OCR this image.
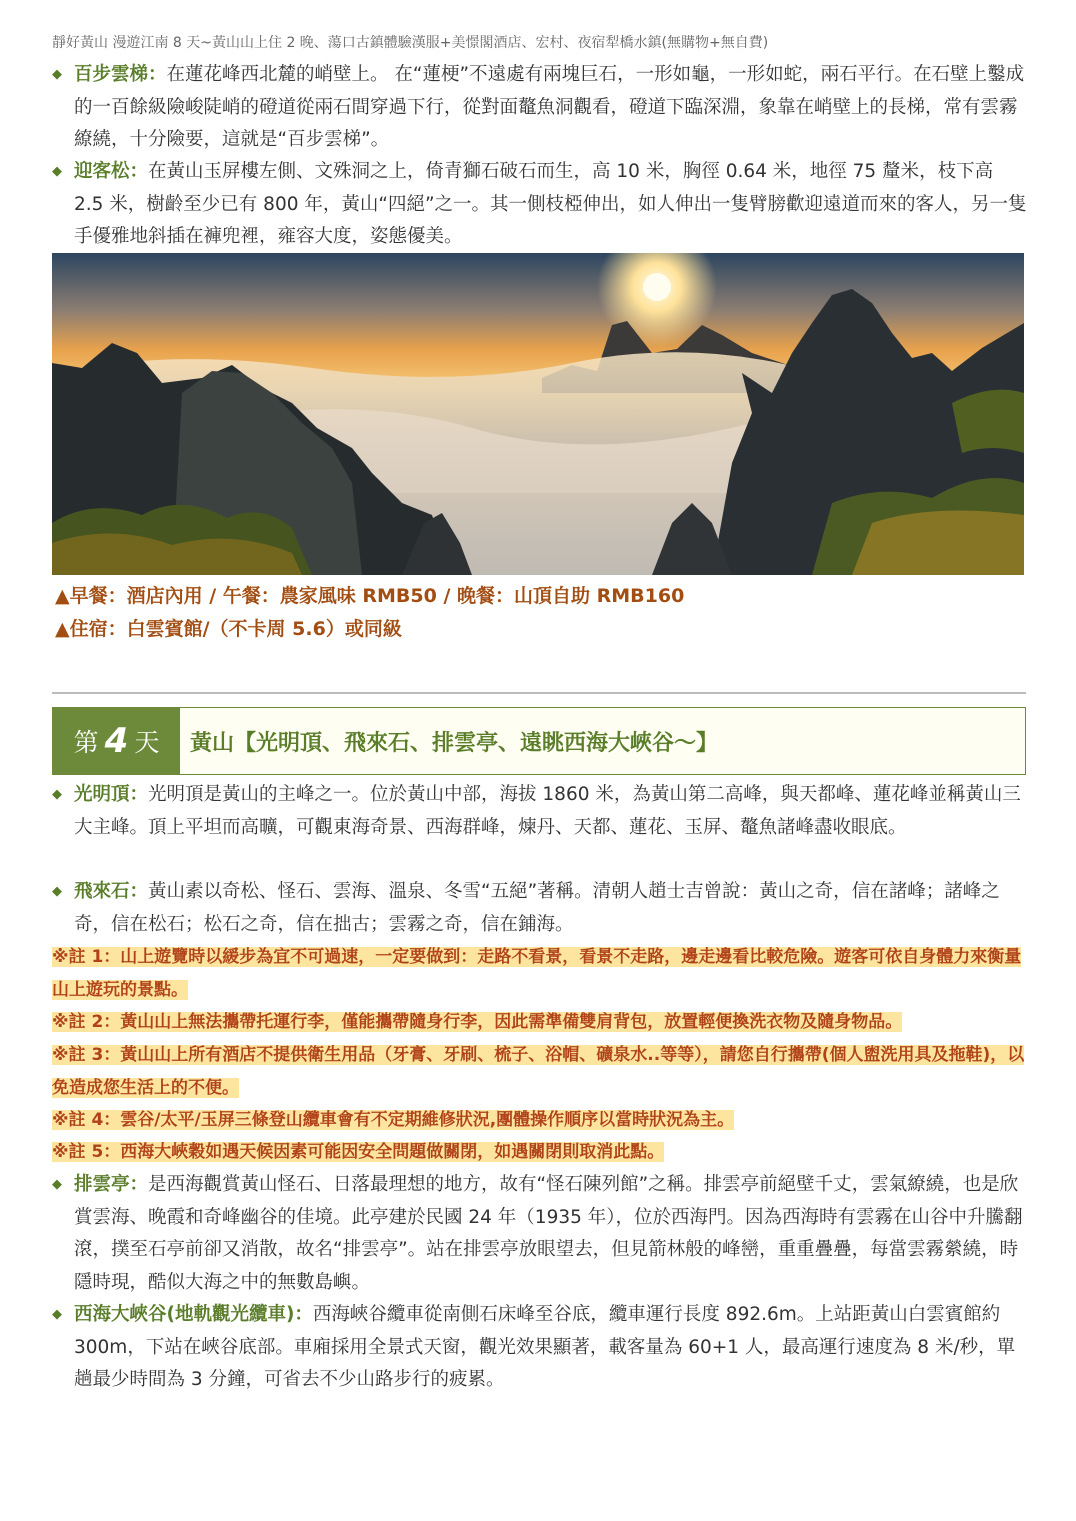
靜好黃山 漫遊江南 8 天~黃山山上住 2 晚、蕩口古鎮體驗漢服+美憬閣酒店、宏村、夜宿犁橋水鎮(無購物+無自費)
◆ 百步雲梯：在蓮花峰西北麓的峭壁上。 在“蓮梗”不遠處有兩塊巨石，一形如龜，一形如蛇，兩石平行。在石壁上鑿成的一百餘級險峻陡峭的磴道從兩石間穿過下行，從對面鼇魚洞觀看，磴道下臨深淵，象靠在峭壁上的長梯，常有雲霧繚繞，十分險要，這就是“百步雲梯”。
◆ 迎客松：在黃山玉屏樓左側、文殊洞之上，倚青獅石破石而生，高 10 米，胸徑 0.64 米，地徑 75 釐米，枝下高 2.5 米，樹齡至少已有 800 年，黃山“四絕”之一。其一側枝椏伸出，如人伸出一隻臂膀歡迎遠道而來的客人，另一隻手優雅地斜插在褲兜裡，雍容大度，姿態優美。
▲早餐：酒店內用 / 午餐：農家風味 RMB50 / 晚餐：山頂自助 RMB160
▲住宿：白雲賓館/（不卡周 5.6）或同級
第 4 天	黃山【光明頂、飛來石、排雲亭、遠眺西海大峽谷～】
◆ 光明頂：光明頂是黃山的主峰之一。位於黃山中部，海拔 1860 米，為黃山第二高峰，與天都峰、蓮花峰並稱黃山三大主峰。頂上平坦而高曠，可觀東海奇景、西海群峰，煉丹、天都、蓮花、玉屏、鼇魚諸峰盡收眼底。
◆ 飛來石：黃山素以奇松、怪石、雲海、溫泉、冬雪“五絕”著稱。清朝人趙士吉曾說：黃山之奇，信在諸峰；諸峰之奇，信在松石；松石之奇，信在拙古；雲霧之奇，信在鋪海。
※註 1：山上遊覽時以緩步為宜不可過速，一定要做到：走路不看景，看景不走路，邊走邊看比較危險。遊客可依自身體力來衡量山上遊玩的景點。
※註 2：黃山山上無法攜帶托運行李，僅能攜帶隨身行李，因此需準備雙肩背包，放置輕便換洗衣物及隨身物品。
※註 3：黃山山上所有酒店不提供衛生用品（牙膏、牙刷、梳子、浴帽、礦泉水..等等），請您自行攜帶(個人盥洗用具及拖鞋)，以免造成您生活上的不便。
※註 4：雲谷/太平/玉屏三條登山纜車會有不定期維修狀況,團體操作順序以當時狀況為主。
※註 5：西海大峽穀如遇天候因素可能因安全問題做關閉，如遇關閉則取消此點。
◆ 排雲亭：是西海觀賞黃山怪石、日落最理想的地方，故有“怪石陳列館”之稱。排雲亭前絕壁千丈，雲氣繚繞，也是欣賞雲海、晚霞和奇峰幽谷的佳境。此亭建於民國 24 年（1935 年），位於西海門。因為西海時有雲霧在山谷中升騰翻滾，撲至石亭前卻又消散，故名“排雲亭”。站在排雲亭放眼望去，但見箭林般的峰巒，重重疊疊，每當雲霧縈繞，時隱時現，酷似大海之中的無數島嶼。
◆ 西海大峽谷(地軌觀光纜車)：西海峽谷纜車從南側石床峰至谷底，纜車運行長度 892.6m。上站距黃山白雲賓館約 300m，下站在峽谷底部。車廂採用全景式天窗，觀光效果顯著，載客量為 60+1 人，最高運行速度為 8 米/秒，單趟最少時間為 3 分鐘，可省去不少山路步行的疲累。
